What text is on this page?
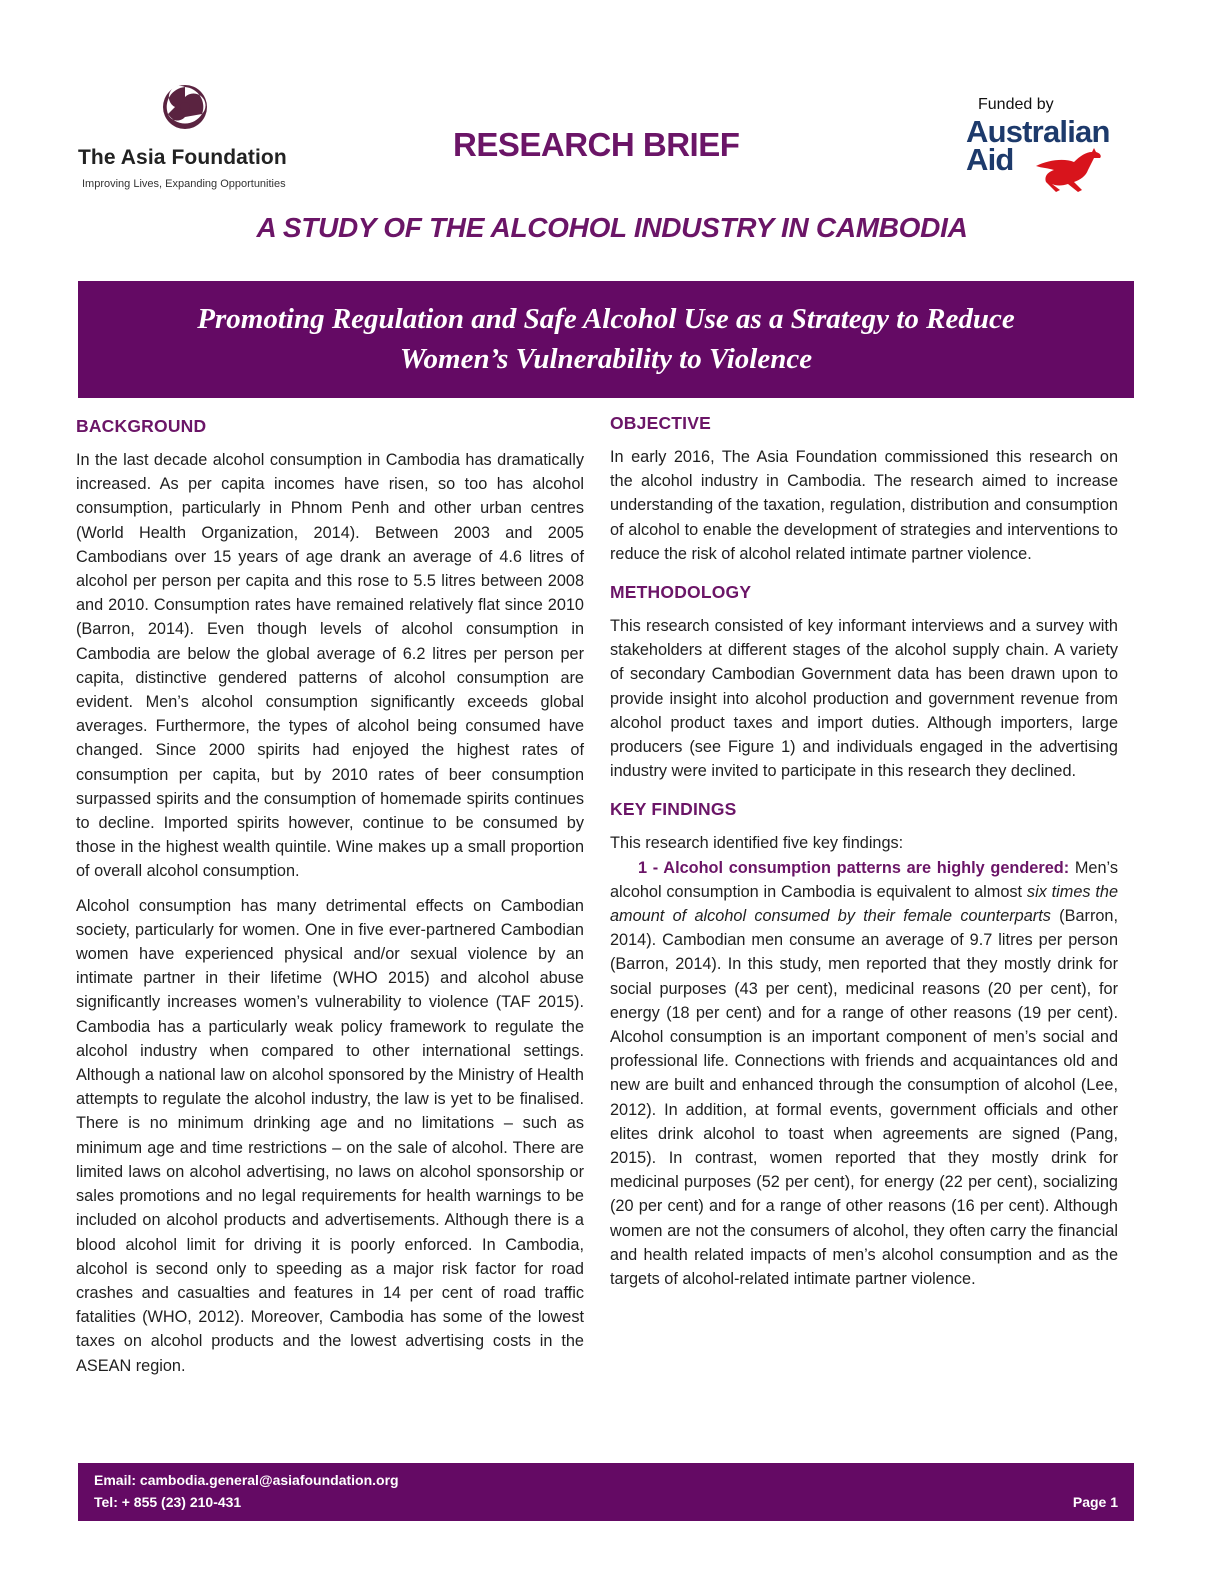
The Asia Foundation
Improving Lives, Expanding Opportunities
RESEARCH BRIEF
Funded by
Australian
Aid
A STUDY OF THE ALCOHOL INDUSTRY IN CAMBODIA
Promoting Regulation and Safe Alcohol Use as a Strategy to Reduce
Women’s Vulnerability to Violence
BACKGROUND

In the last decade alcohol consumption in Cambodia has dramatically increased. As per capita incomes have risen, so too has alcohol consumption, particularly in Phnom Penh and other urban centres (World Health Organization, 2014). Between 2003 and 2005 Cambodians over 15 years of age drank an average of 4.6 litres of alcohol per person per capita and this rose to 5.5 litres between 2008 and 2010. Consumption rates have remained relatively flat since 2010 (Barron, 2014). Even though levels of alcohol consumption in Cambodia are below the global average of 6.2 litres per person per capita, distinctive gendered patterns of alcohol consumption are evident. Men’s alcohol consumption significantly exceeds global averages. Furthermore, the types of alcohol being consumed have changed. Since 2000 spirits had enjoyed the highest rates of consumption per capita, but by 2010 rates of beer consumption surpassed spirits and the consumption of homemade spirits continues to decline. Imported spirits however, continue to be consumed by those in the highest wealth quintile. Wine makes up a small proportion of overall alcohol consumption.

Alcohol consumption has many detrimental effects on Cambodian society, particularly for women. One in five ever-partnered Cambodian women have experienced physical and/or sexual violence by an intimate partner in their lifetime (WHO 2015) and alcohol abuse significantly increases women’s vulnerability to violence (TAF 2015). Cambodia has a particularly weak policy framework to regulate the alcohol industry when compared to other international settings. Although a national law on alcohol sponsored by the Ministry of Health attempts to regulate the alcohol industry, the law is yet to be finalised. There is no minimum drinking age and no limitations – such as minimum age and time restrictions – on the sale of alcohol. There are limited laws on alcohol advertising, no laws on alcohol sponsorship or sales promotions and no legal requirements for health warnings to be included on alcohol products and advertisements. Although there is a blood alcohol limit for driving it is poorly enforced. In Cambodia, alcohol is second only to speeding as a major risk factor for road crashes and casualties and features in 14 per cent of road traffic fatalities (WHO, 2012). Moreover, Cambodia has some of the lowest taxes on alcohol products and the lowest advertising costs in the ASEAN region.

OBJECTIVE

In early 2016, The Asia Foundation commissioned this research on the alcohol industry in Cambodia. The research aimed to increase understanding of the taxation, regulation, distribution and consumption of alcohol to enable the development of strategies and interventions to reduce the risk of alcohol related intimate partner violence.

METHODOLOGY

This research consisted of key informant interviews and a survey with stakeholders at different stages of the alcohol supply chain. A variety of secondary Cambodian Government data has been drawn upon to provide insight into alcohol production and government revenue from alcohol product taxes and import duties. Although importers, large producers (see Figure 1) and individuals engaged in the advertising industry were invited to participate in this research they declined.

KEY FINDINGS

This research identified five key findings:

1 - Alcohol consumption patterns are highly gendered: Men’s alcohol consumption in Cambodia is equivalent to almost six times the amount of alcohol consumed by their female counterparts (Barron, 2014). Cambodian men consume an average of 9.7 litres per person (Barron, 2014). In this study, men reported that they mostly drink for social purposes (43 per cent), medicinal reasons (20 per cent), for energy (18 per cent) and for a range of other reasons (19 per cent). Alcohol consumption is an important component of men’s social and professional life. Connections with friends and acquaintances old and new are built and enhanced through the consumption of alcohol (Lee, 2012). In addition, at formal events, government officials and other elites drink alcohol to toast when agreements are signed (Pang, 2015). In contrast, women reported that they mostly drink for medicinal purposes (52 per cent), for energy (22 per cent), socializing (20 per cent) and for a range of other reasons (16 per cent). Although women are not the consumers of alcohol, they often carry the financial and health related impacts of men’s alcohol consumption and as the targets of alcohol-related intimate partner violence.

Email: cambodia.general@asiafoundation.org
Tel: + 855 (23) 210-431	Page 1
